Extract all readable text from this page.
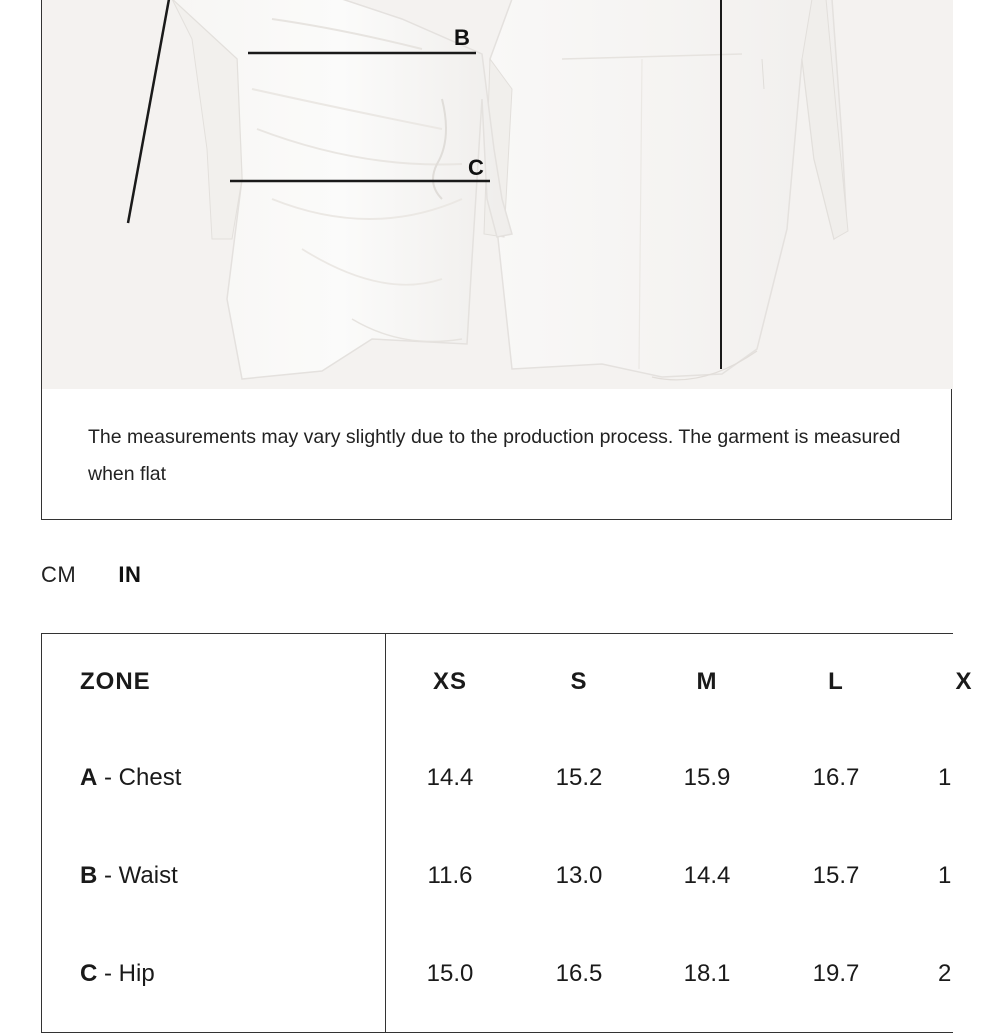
B
C
The measurements may vary slightly due to the production process. The garment is measured when flat
CM IN
ZONE	XS	S	M	L	X
A - Chest	14.4	15.2	15.9	16.7	1
B - Waist	11.6	13.0	14.4	15.7	1
C - Hip	15.0	16.5	18.1	19.7	2
